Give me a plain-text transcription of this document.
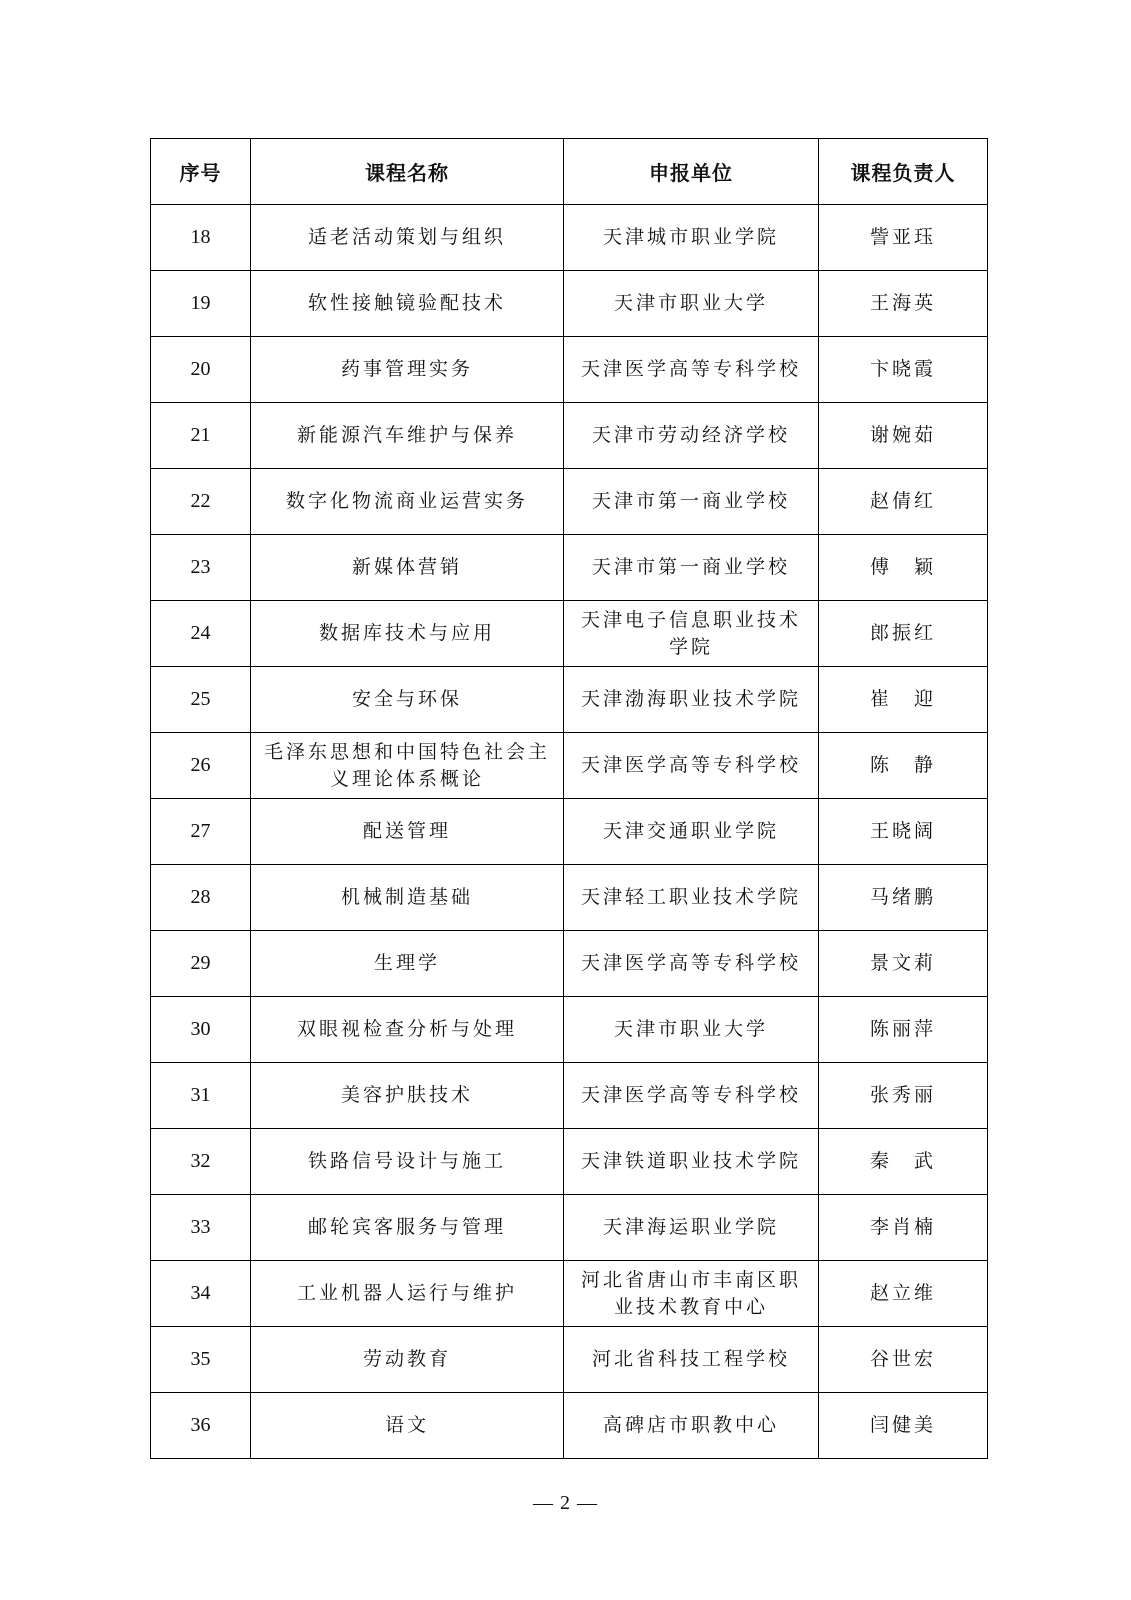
序号	课程名称	申报单位	课程负责人
18	适老活动策划与组织	天津城市职业学院	訾亚珏
19	软性接触镜验配技术	天津市职业大学	王海英
20	药事管理实务	天津医学高等专科学校	卞晓霞
21	新能源汽车维护与保养	天津市劳动经济学校	谢婉茹
22	数字化物流商业运营实务	天津市第一商业学校	赵倩红
23	新媒体营销	天津市第一商业学校	傅　颖
24	数据库技术与应用	天津电子信息职业技术学院	郎振红
25	安全与环保	天津渤海职业技术学院	崔　迎
26	毛泽东思想和中国特色社会主义理论体系概论	天津医学高等专科学校	陈　静
27	配送管理	天津交通职业学院	王晓阔
28	机械制造基础	天津轻工职业技术学院	马绪鹏
29	生理学	天津医学高等专科学校	景文莉
30	双眼视检查分析与处理	天津市职业大学	陈丽萍
31	美容护肤技术	天津医学高等专科学校	张秀丽
32	铁路信号设计与施工	天津铁道职业技术学院	秦　武
33	邮轮宾客服务与管理	天津海运职业学院	李肖楠
34	工业机器人运行与维护	河北省唐山市丰南区职业技术教育中心	赵立维
35	劳动教育	河北省科技工程学校	谷世宏
36	语文	高碑店市职教中心	闫健美
— 2 —
